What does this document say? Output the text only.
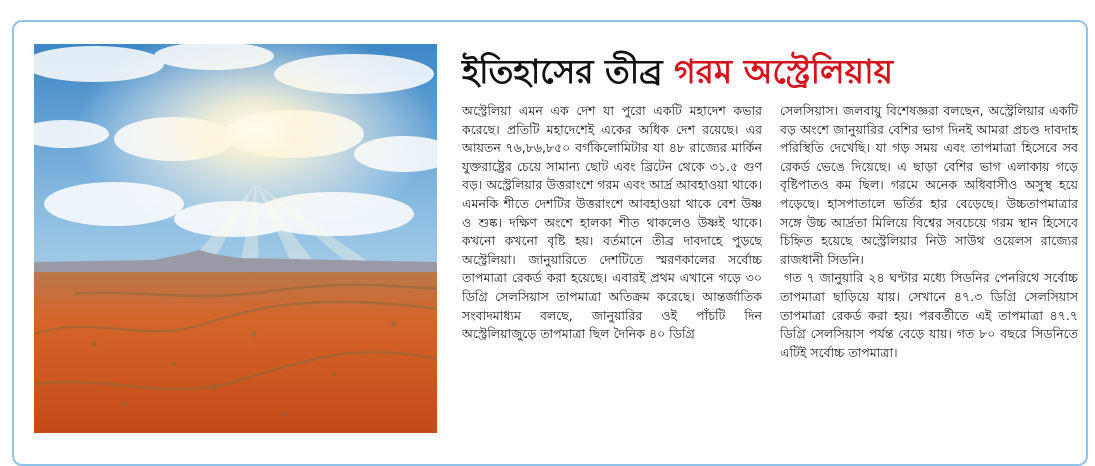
ইতিহাসের তীব্র গরম অস্ট্রেলিয়ায়

অস্ট্রেলিয়া এমন এক দেশ যা পুরো একটি মহাদেশ কভার করেছে। প্রতিটি মহাদেশেই একের অধিক দেশ রয়েছে। এর আয়তন ৭৬,৮৬,৮৫০ বর্গকিলোমিটার যা ৪৮ রাজ্যের মার্কিন যুক্তরাষ্ট্রের চেয়ে সামান্য ছোট এবং ব্রিটেন থেকে ৩১.৫ গুণ বড়। অস্ট্রেলিয়ার উত্তরাংশে গরম এবং আর্দ্র আবহাওয়া থাকে। এমনকি শীতে দেশটির উত্তরাংশে আবহাওয়া থাকে বেশ উষ্ণ ও শুষ্ক। দক্ষিণ অংশে হালকা শীত থাকলেও উষ্ণই থাকে। কখনো কখনো বৃষ্টি হয়। বর্তমানে তীব্র দাবদাহে পুড়ছে অস্ট্রেলিয়া। জানুয়ারিতে দেশটিতে স্মরণকালের সর্বোচ্চ তাপমাত্রা রেকর্ড করা হয়েছে। এবারই প্রথম এখানে গড়ে ৩০ ডিগ্রি সেলসিয়াস তাপমাত্রা অতিক্রম করেছে। আন্তর্জাতিক সংবাদমাধ্যম বলছে, জানুয়ারির ওই পাঁচটি দিন অস্ট্রেলিয়াজুড়ে তাপমাত্রা ছিল দৈনিক ৪০ ডিগ্রি

সেলসিয়াস। জলবায়ু বিশেষজ্ঞরা বলছেন, অস্ট্রেলিয়ার একটি বড় অংশে জানুয়ারির বেশির ভাগ দিনই আমরা প্রচণ্ড দাবদাহ পরিস্থিতি দেখেছি। যা গড় সময় এবং তাপমাত্রা হিসেবে সব রেকর্ড ভেঙে দিয়েছে। এ ছাড়া বেশির ভাগ এলাকায় গড়ে বৃষ্টিপাতও কম ছিল। গরমে অনেক অধিবাসীও অসুস্থ হয়ে পড়েছে। হাসপাতালে ভর্তির হার বেড়েছে। উচ্চতাপমাত্রার সঙ্গে উচ্চ আর্দ্রতা মিলিয়ে বিশ্বের সবচেয়ে গরম স্থান হিসেবে চিহ্নিত হয়েছে অস্ট্রেলিয়ার নিউ সাউথ ওয়েলস রাজ্যের রাজধানী সিডনি।

গত ৭ জানুয়ারি ২৪ ঘণ্টার মধ্যে সিডনির পেনরিথে সর্বোচ্চ তাপমাত্রা ছাড়িয়ে যায়। সেখানে ৪৭.৩ ডিগ্রি সেলসিয়াস তাপমাত্রা রেকর্ড করা হয়। পরবর্তীতে এই তাপমাত্রা ৪৭.৭ ডিগ্রি সেলসিয়াস পর্যন্ত বেড়ে যায়। গত ৮০ বছরে সিডনিতে এটিই সর্বোচ্চ তাপমাত্রা।
